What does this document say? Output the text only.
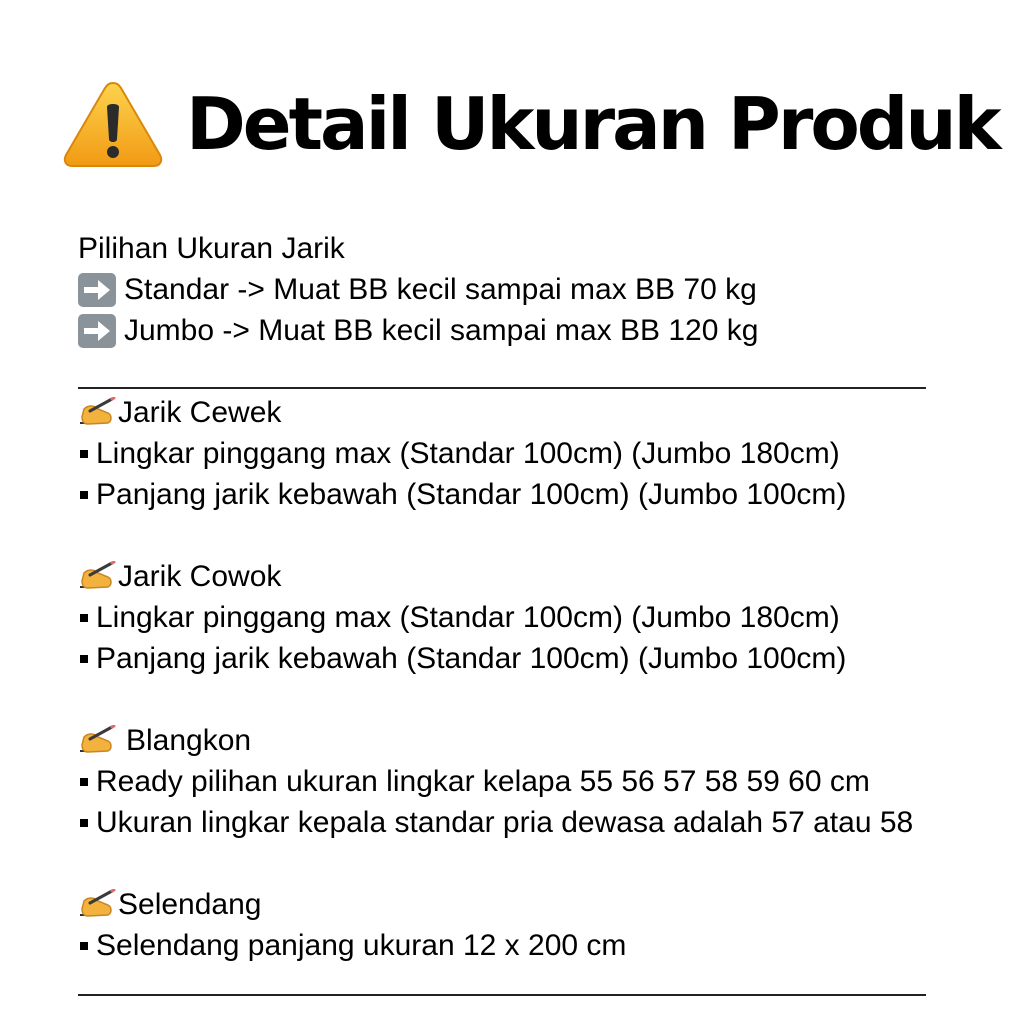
Detail Ukuran Produk
Pilihan Ukuran Jarik
Standar -> Muat BB kecil sampai max BB 70 kg
Jumbo -> Muat BB kecil sampai max BB 120 kg
Jarik Cewek
Lingkar pinggang max (Standar 100cm) (Jumbo 180cm)
Panjang jarik kebawah (Standar 100cm) (Jumbo 100cm)
Jarik Cowok
Lingkar pinggang max (Standar 100cm) (Jumbo 180cm)
Panjang jarik kebawah (Standar 100cm) (Jumbo 100cm)
Blangkon
Ready pilihan ukuran lingkar kelapa 55 56 57 58 59 60 cm
Ukuran lingkar kepala standar pria dewasa adalah 57 atau 58
Selendang
Selendang panjang ukuran 12 x 200 cm
